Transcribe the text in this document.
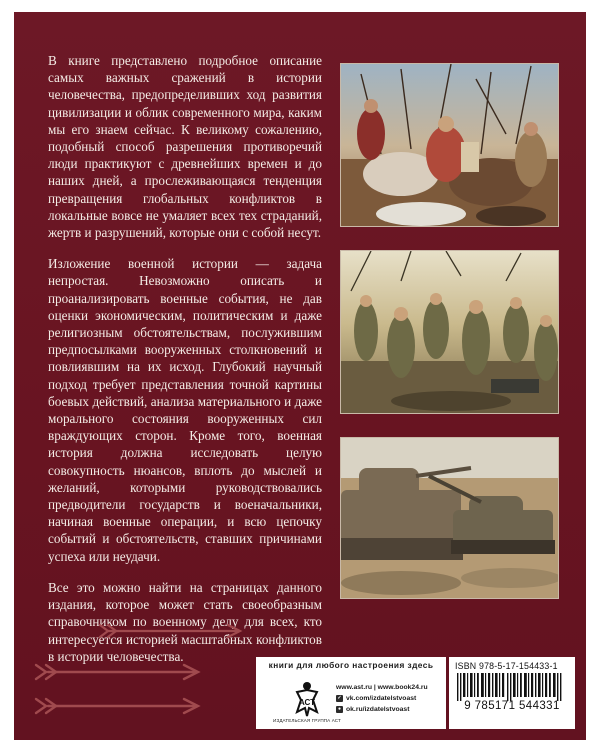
В книге представлено подробное описание самых важных сражений в истории человечества, предопределивших ход развития цивилизации и облик современного мира, каким мы его знаем сейчас. К великому сожалению, подобный способ разрешения противоречий люди практикуют с древнейших времен и до наших дней, а прослеживающаяся тенденция превращения глобальных конфликтов в локальные вовсе не умаляет всех тех страданий, жертв и разрушений, которые они с собой несут.

Изложение военной истории — задача непростая. Невозможно описать и проанализировать военные события, не дав оценки экономическим, политическим и даже религиозным обстоятельствам, послужившим предпосылками вооруженных столкновений и повлиявшим на их исход. Глубокий научный подход требует представления точной картины боевых действий, анализа материального и даже морального состояния вооруженных сил враждующих сторон. Кроме того, военная история должна исследовать целую совокупность нюансов, вплоть до мыслей и желаний, которыми руководствовались предводители государств и военачальники, начиная военные операции, и всю цепочку событий и обстоятельств, ставших причинами успеха или неудачи.

Все это можно найти на страницах данного издания, которое может стать своеобразным справочником по военному делу для всех, кто интересуется историей масштабных конфликтов в истории человечества.

книги для любого настроения здесь
АСТ
ИЗДАТЕЛЬСКАЯ ГРУППА АСТ
www.ast.ru | www.book24.ru
✓ vk.com/izdatelstvoast
● ok.ru/izdatelstvoast
ISBN 978-5-17-154433-1
9 785171 544331
